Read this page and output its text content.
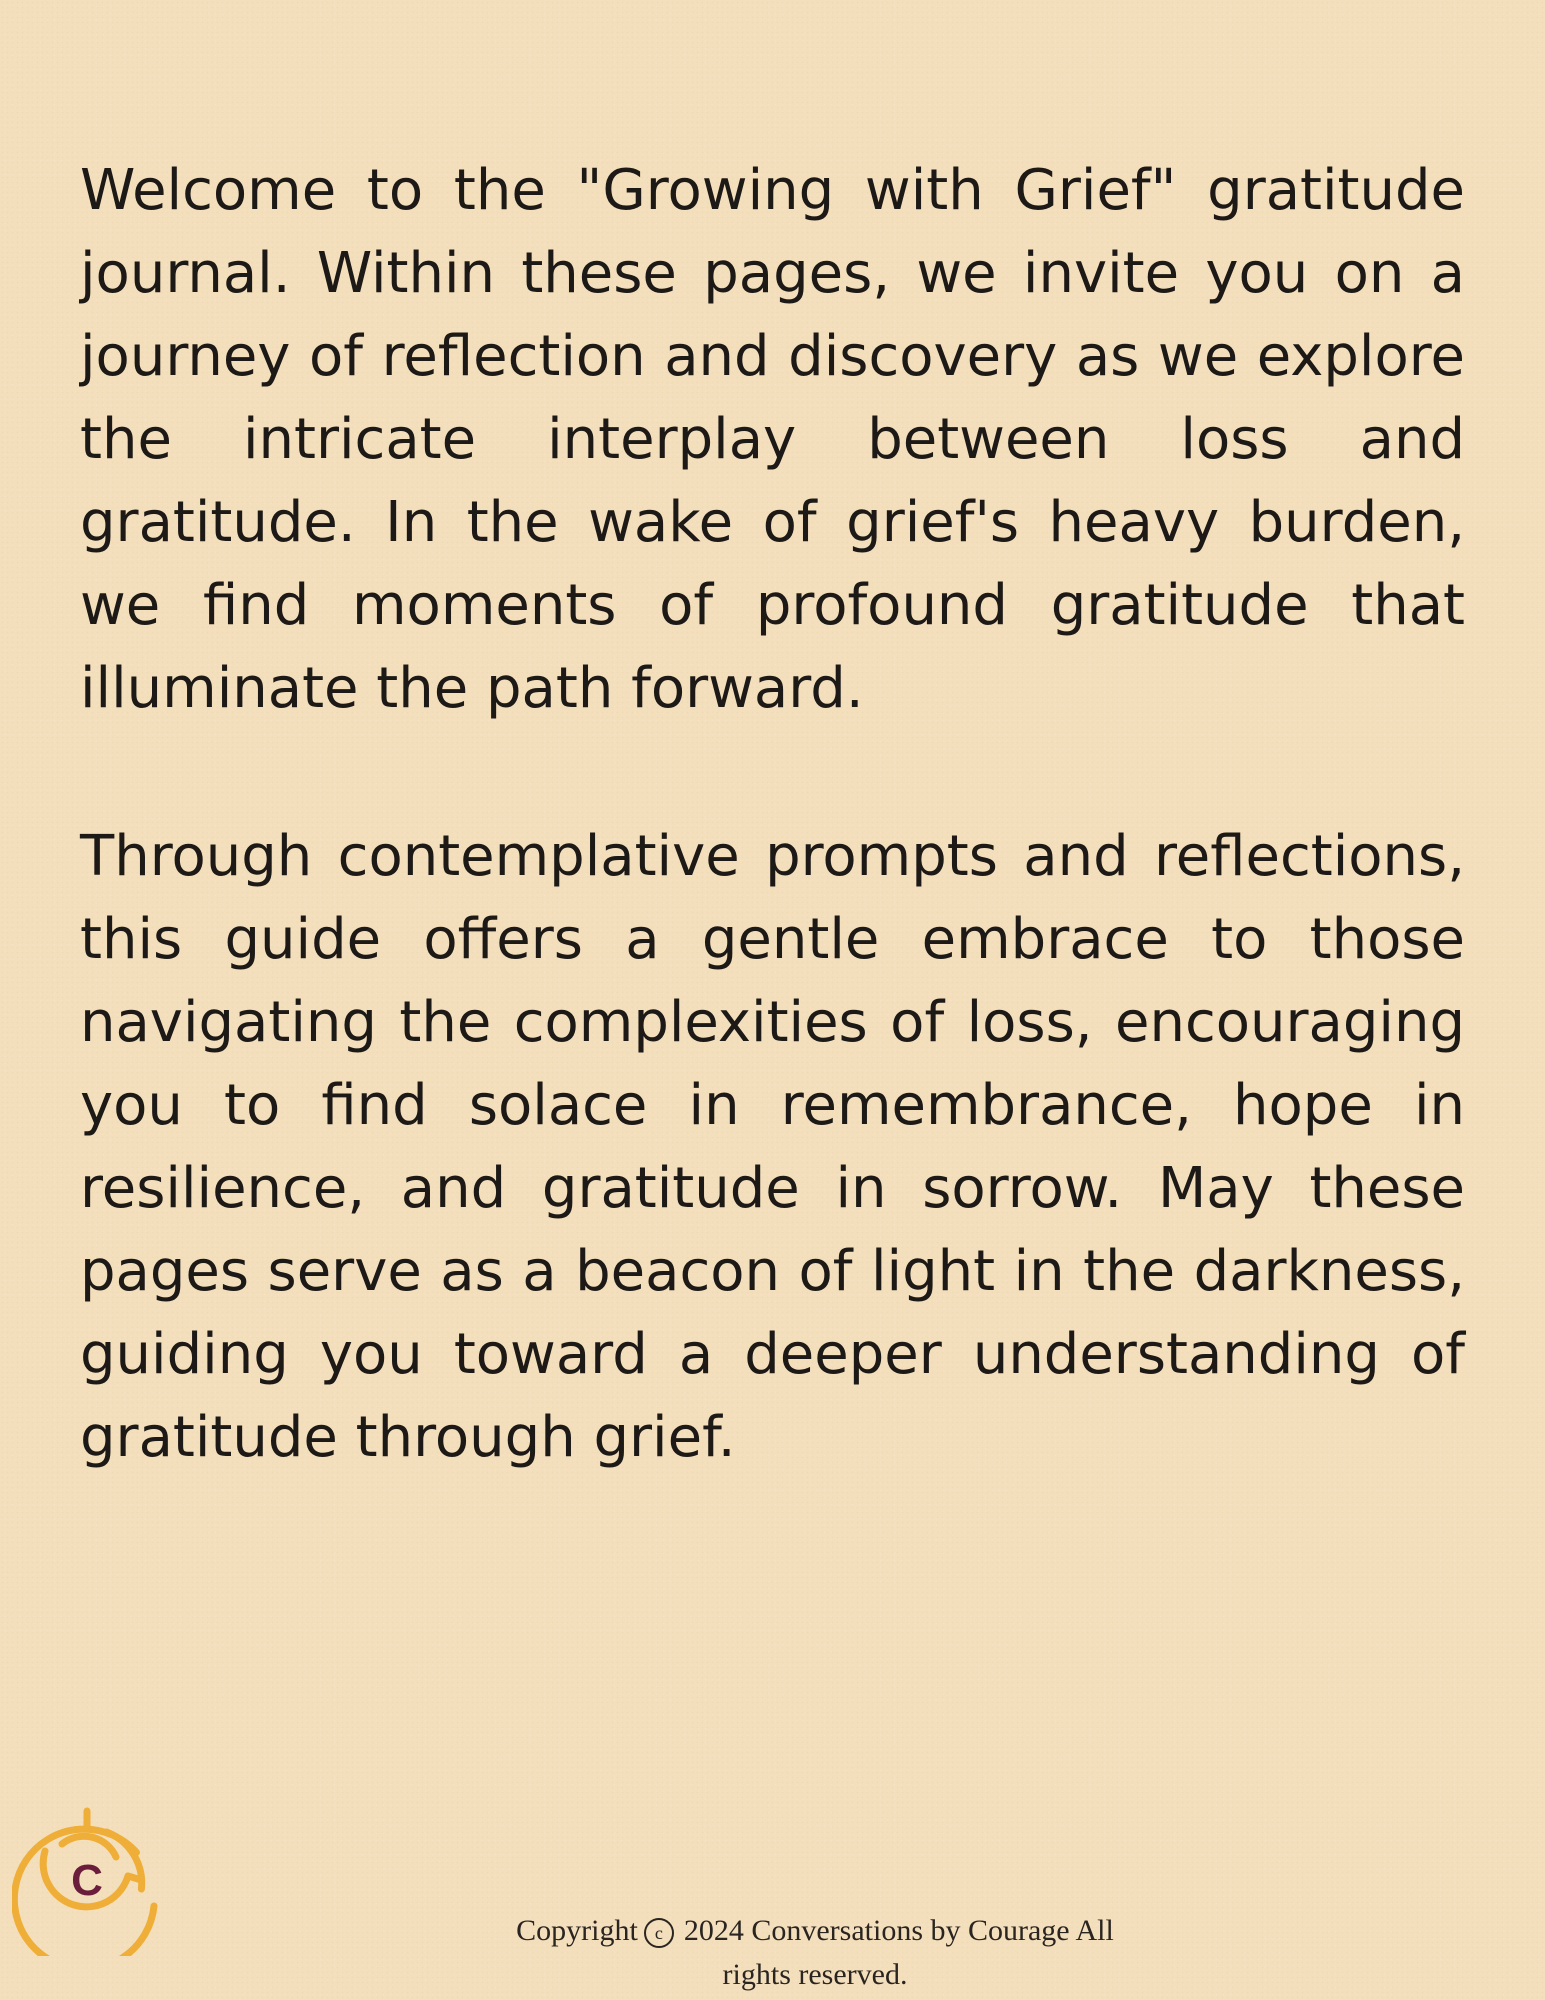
Welcome to the "Growing with Grief" gratitude journal. Within these pages, we invite you on a journey of reflection and discovery as we explore the intricate interplay between loss and gratitude. In the wake of grief's heavy burden, we find moments of profound gratitude that illuminate the path forward.

Through contemplative prompts and reflections, this guide offers a gentle embrace to those navigating the complexities of loss, encouraging you to find solace in remembrance, hope in resilience, and gratitude in sorrow. May these pages serve as a beacon of light in the darkness, guiding you toward a deeper understanding of gratitude through grief.

C
Copyright c 2024 Conversations by Courage All
rights reserved.
